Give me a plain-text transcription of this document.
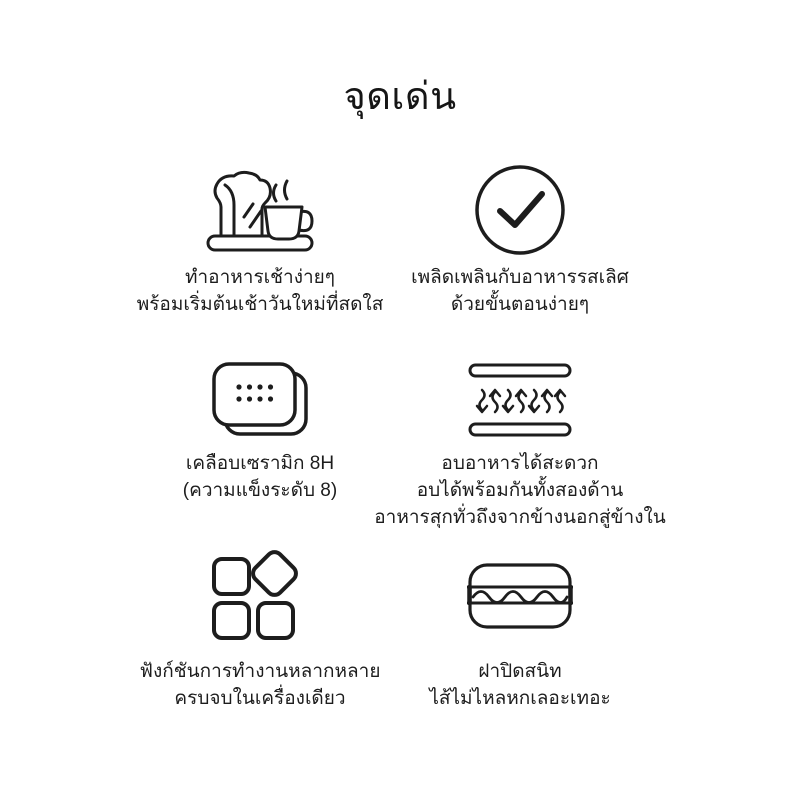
จุดเด่น
ทำอาหารเช้าง่ายๆ
พร้อมเริ่มต้นเช้าวันใหม่ที่สดใส
เพลิดเพลินกับอาหารรสเลิศ
ด้วยขั้นตอนง่ายๆ
เคลือบเซรามิก 8H
(ความแข็งระดับ 8)
อบอาหารได้สะดวก
อบได้พร้อมกันทั้งสองด้าน
อาหารสุกทั่วถึงจากข้างนอกสู่ข้างใน
ฟังก์ชันการทำงานหลากหลาย
ครบจบในเครื่องเดียว
ฝาปิดสนิท
ไส้ไม่ไหลหกเลอะเทอะ
